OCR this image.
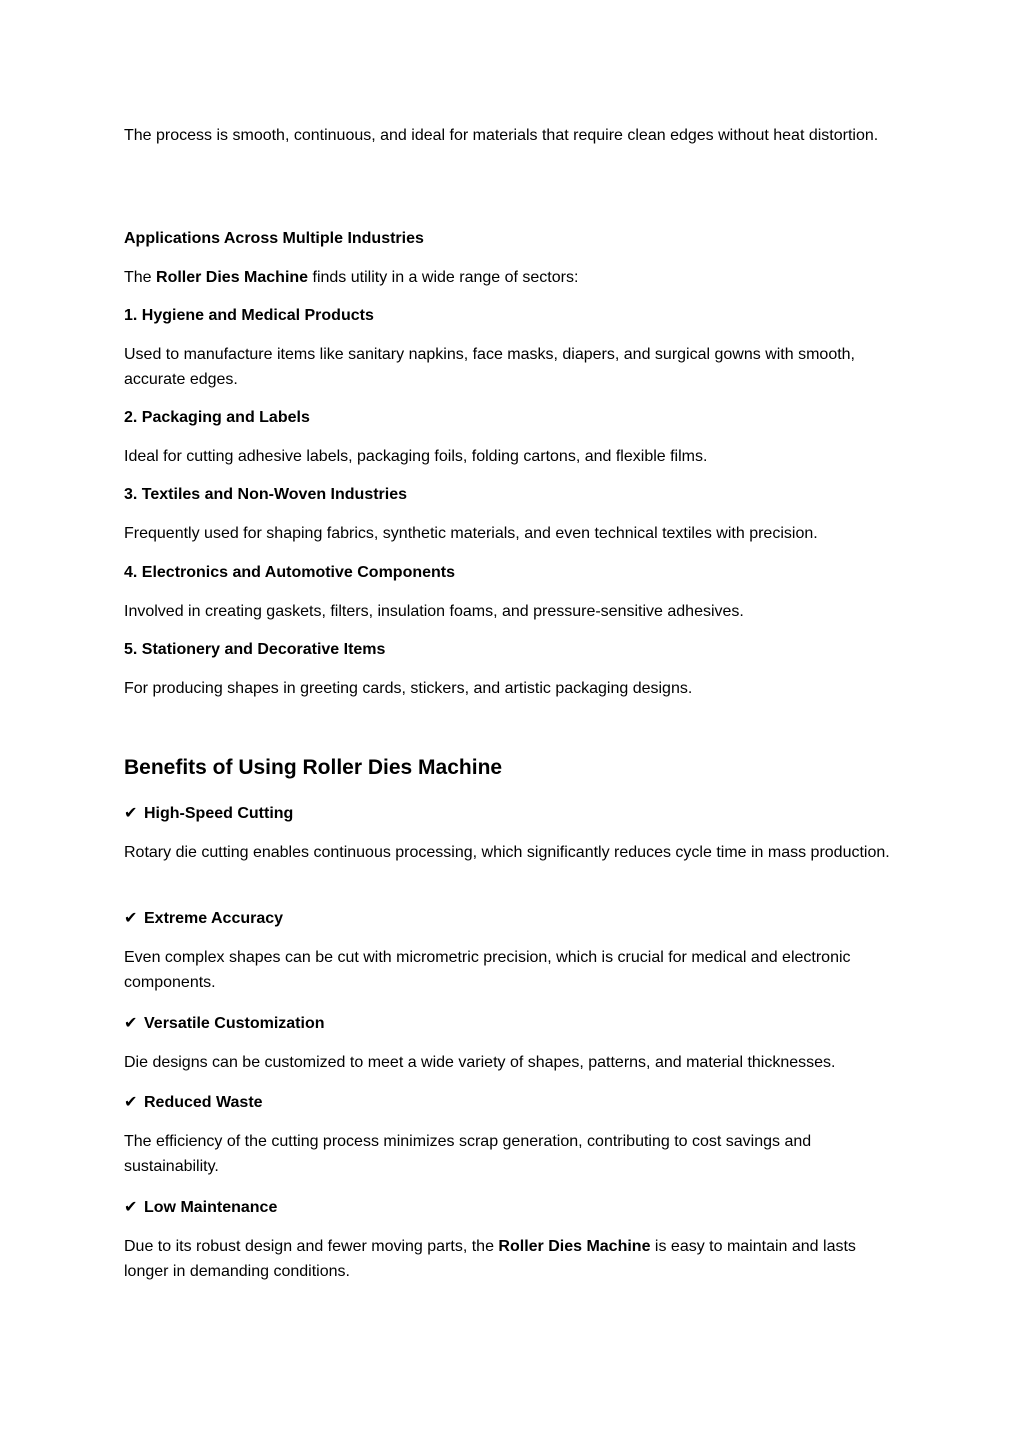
The process is smooth, continuous, and ideal for materials that require clean edges without heat distortion.

Applications Across Multiple Industries

The Roller Dies Machine finds utility in a wide range of sectors:

1. Hygiene and Medical Products

Used to manufacture items like sanitary napkins, face masks, diapers, and surgical gowns with smooth, accurate edges.

2. Packaging and Labels

Ideal for cutting adhesive labels, packaging foils, folding cartons, and flexible films.

3. Textiles and Non-Woven Industries

Frequently used for shaping fabrics, synthetic materials, and even technical textiles with precision.

4. Electronics and Automotive Components

Involved in creating gaskets, filters, insulation foams, and pressure-sensitive adhesives.

5. Stationery and Decorative Items

For producing shapes in greeting cards, stickers, and artistic packaging designs.

Benefits of Using Roller Dies Machine

✔ High-Speed Cutting

Rotary die cutting enables continuous processing, which significantly reduces cycle time in mass production.

✔ Extreme Accuracy

Even complex shapes can be cut with micrometric precision, which is crucial for medical and electronic components.

✔ Versatile Customization

Die designs can be customized to meet a wide variety of shapes, patterns, and material thicknesses.

✔ Reduced Waste

The efficiency of the cutting process minimizes scrap generation, contributing to cost savings and sustainability.

✔ Low Maintenance

Due to its robust design and fewer moving parts, the Roller Dies Machine is easy to maintain and lasts longer in demanding conditions.
